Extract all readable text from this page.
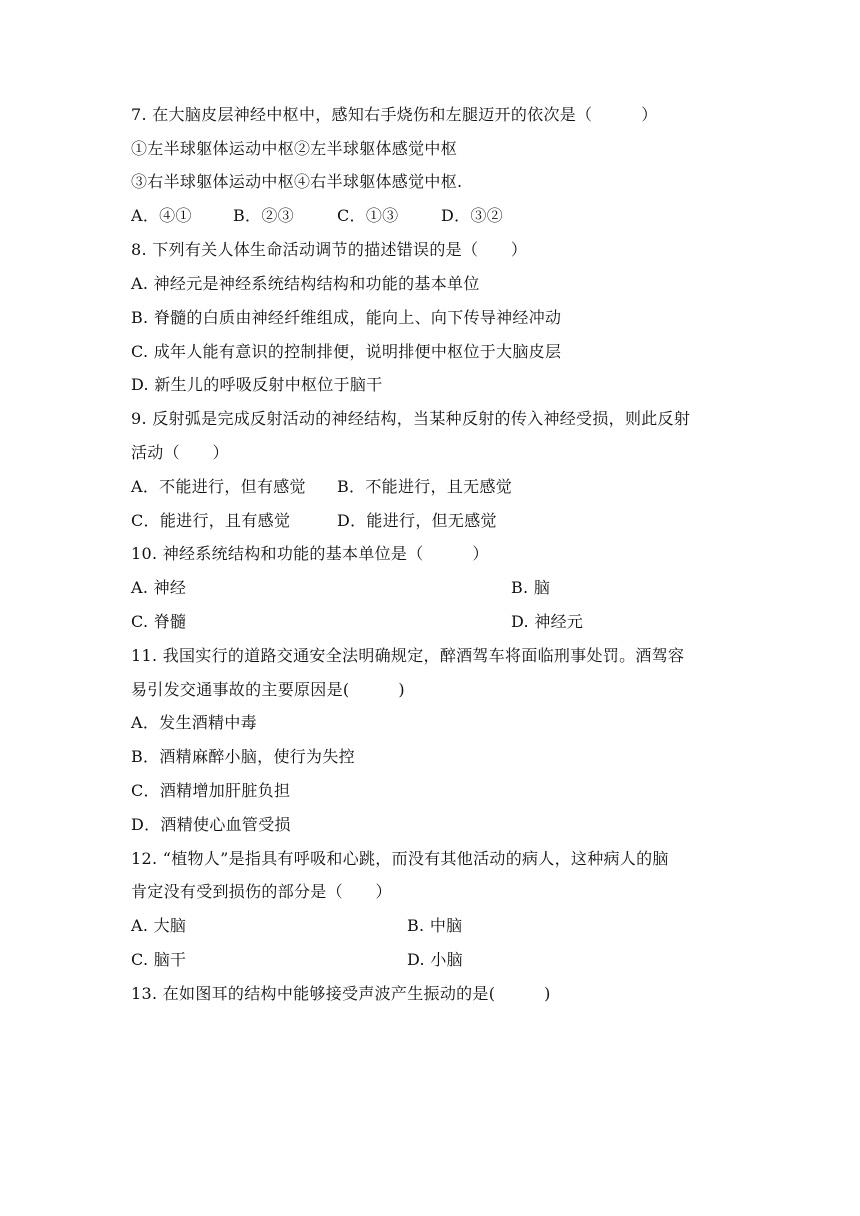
7. 在大脑皮层神经中枢中，感知右手烧伤和左腿迈开的依次是（　　　）
①左半球躯体运动中枢②左半球躯体感觉中枢
③右半球躯体运动中枢④右半球躯体感觉中枢.
A．④①	B．②③	C．①③	D．③②
8. 下列有关人体生命活动调节的描述错误的是（　　）
A. 神经元是神经系统结构结构和功能的基本单位
B. 脊髓的白质由神经纤维组成，能向上、向下传导神经冲动
C. 成年人能有意识的控制排便，说明排便中枢位于大脑皮层
D. 新生儿的呼吸反射中枢位于脑干
9. 反射弧是完成反射活动的神经结构，当某种反射的传入神经受损，则此反射
活动（　　）
A．不能进行，但有感觉 B．不能进行，且无感觉
C．能进行，且有感觉	D．能进行，但无感觉
10. 神经系统结构和功能的基本单位是（　　　）
A. 神经	B. 脑
C. 脊髓	D. 神经元
11. 我国实行的道路交通安全法明确规定，醉酒驾车将面临刑事处罚。酒驾容
易引发交通事故的主要原因是(　　　)
A．发生酒精中毒
B．酒精麻醉小脑，使行为失控
C．酒精增加肝脏负担
D．酒精使心血管受损
12. “植物人”是指具有呼吸和心跳，而没有其他活动的病人，这种病人的脑
肯定没有受到损伤的部分是（　　）
A. 大脑	B. 中脑
C. 脑干	D. 小脑
13. 在如图耳的结构中能够接受声波产生振动的是(　　　)
